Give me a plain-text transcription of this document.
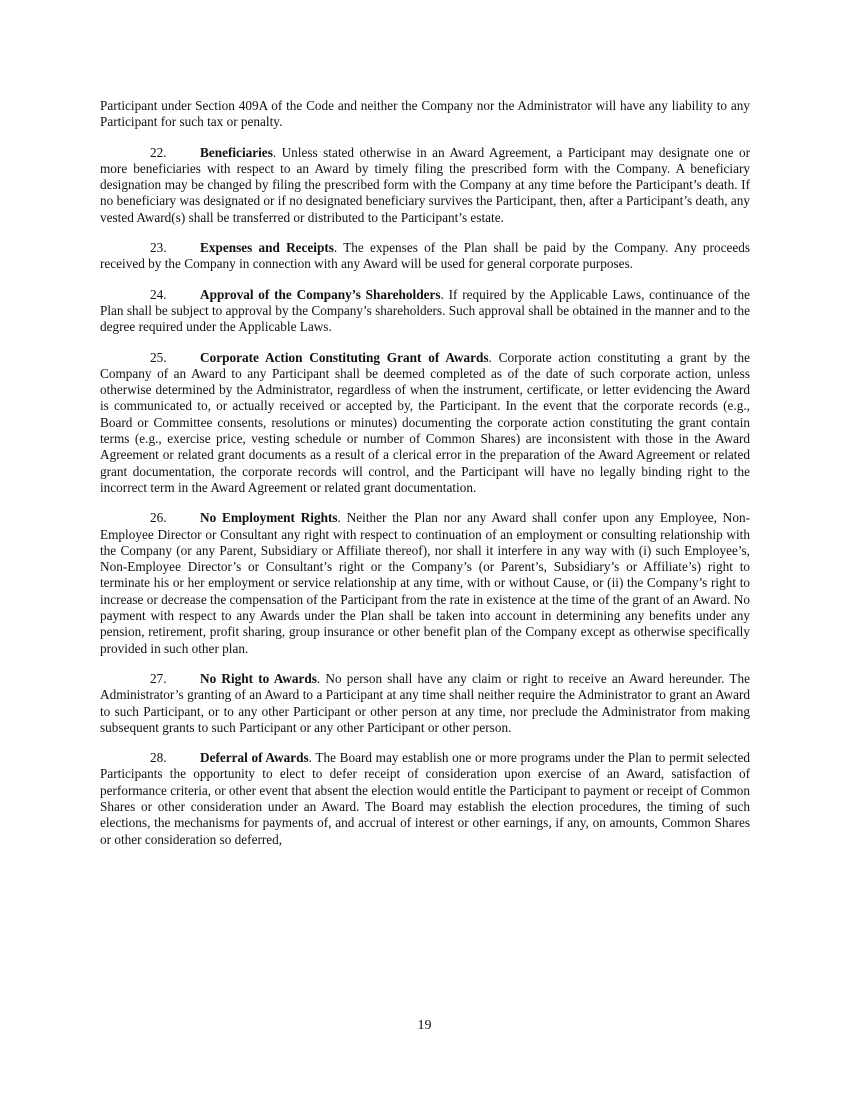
Participant under Section 409A of the Code and neither the Company nor the Administrator will have any liability to any Participant for such tax or penalty.

22.	Beneficiaries. Unless stated otherwise in an Award Agreement, a Participant may designate one or more beneficiaries with respect to an Award by timely filing the prescribed form with the Company. A beneficiary designation may be changed by filing the prescribed form with the Company at any time before the Participant’s death. If no beneficiary was designated or if no designated beneficiary survives the Participant, then, after a Participant’s death, any vested Award(s) shall be transferred or distributed to the Participant’s estate.

23.	Expenses and Receipts. The expenses of the Plan shall be paid by the Company. Any proceeds received by the Company in connection with any Award will be used for general corporate purposes.

24.	Approval of the Company’s Shareholders. If required by the Applicable Laws, continuance of the Plan shall be subject to approval by the Company’s shareholders. Such approval shall be obtained in the manner and to the degree required under the Applicable Laws.

25.	Corporate Action Constituting Grant of Awards. Corporate action constituting a grant by the Company of an Award to any Participant shall be deemed completed as of the date of such corporate action, unless otherwise determined by the Administrator, regardless of when the instrument, certificate, or letter evidencing the Award is communicated to, or actually received or accepted by, the Participant. In the event that the corporate records (e.g., Board or Committee consents, resolutions or minutes) documenting the corporate action constituting the grant contain terms (e.g., exercise price, vesting schedule or number of Common Shares) are inconsistent with those in the Award Agreement or related grant documents as a result of a clerical error in the preparation of the Award Agreement or related grant documentation, the corporate records will control, and the Participant will have no legally binding right to the incorrect term in the Award Agreement or related grant documentation.

26.	No Employment Rights. Neither the Plan nor any Award shall confer upon any Employee, Non-Employee Director or Consultant any right with respect to continuation of an employment or consulting relationship with the Company (or any Parent, Subsidiary or Affiliate thereof), nor shall it interfere in any way with (i) such Employee’s, Non-Employee Director’s or Consultant’s right or the Company’s (or Parent’s, Subsidiary’s or Affiliate’s) right to terminate his or her employment or service relationship at any time, with or without Cause, or (ii) the Company’s right to increase or decrease the compensation of the Participant from the rate in existence at the time of the grant of an Award. No payment with respect to any Awards under the Plan shall be taken into account in determining any benefits under any pension, retirement, profit sharing, group insurance or other benefit plan of the Company except as otherwise specifically provided in such other plan.

27.	No Right to Awards. No person shall have any claim or right to receive an Award hereunder. The Administrator’s granting of an Award to a Participant at any time shall neither require the Administrator to grant an Award to such Participant, or to any other Participant or other person at any time, nor preclude the Administrator from making subsequent grants to such Participant or any other Participant or other person.

28.	Deferral of Awards. The Board may establish one or more programs under the Plan to permit selected Participants the opportunity to elect to defer receipt of consideration upon exercise of an Award, satisfaction of performance criteria, or other event that absent the election would entitle the Participant to payment or receipt of Common Shares or other consideration under an Award. The Board may establish the election procedures, the timing of such elections, the mechanisms for payments of, and accrual of interest or other earnings, if any, on amounts, Common Shares or other consideration so deferred,

19
